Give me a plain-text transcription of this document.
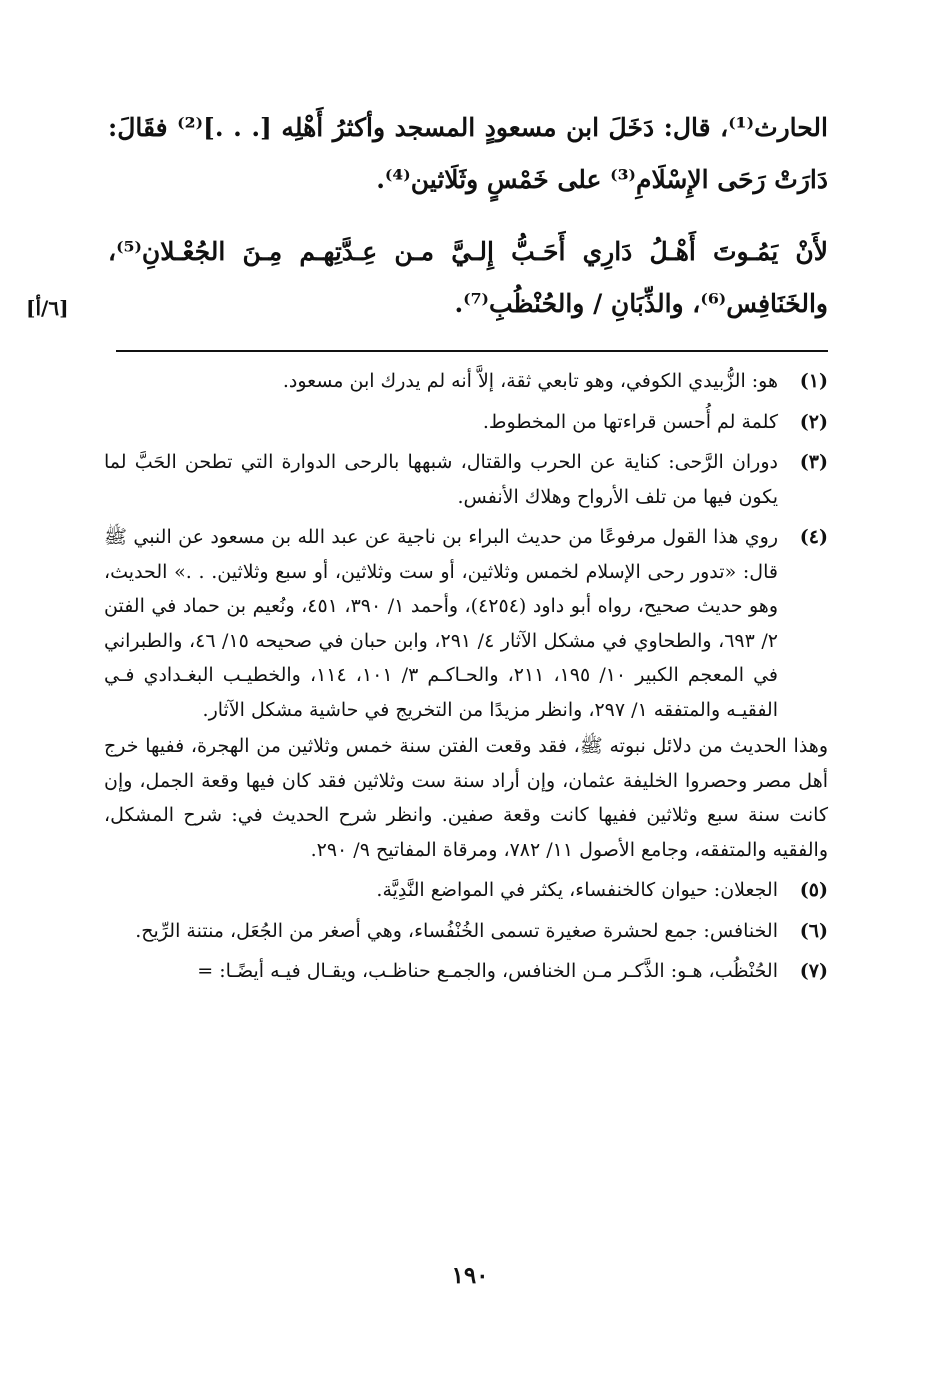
الحارث⁽¹⁾، قال: دَخَلَ ابن مسعودٍ المسجد وأكثرُ أَهْلِه [. . .]⁽²⁾ فقَالَ:
دَارَتْ رَحَى الإِسْلَامِ⁽³⁾ على خَمْسٍ وثَلَاثين⁽⁴⁾.
لأَنْ يَمُـوتَ أَهْـلُ دَارِي أَحَـبُّ إِلـيَّ مـن عِـدَّتِهـم مِـنَ الجُعْـلانِ⁽⁵⁾،
والخَنَافِس⁽⁶⁾، والذِّبَانِ / والحُنْظُبِ⁽⁷⁾.
[٦/أ]
(١)
هو: الزُّبيدي الكوفي، وهو تابعي ثقة، إلاَّ أنه لم يدرك ابن مسعود.
(٢)
كلمة لم أُحسن قراءتها من المخطوط.
(٣)
دوران الرَّحى: كناية عن الحرب والقتال، شبهها بالرحى الدوارة التي تطحن الحَبَّ لما يكون فيها من تلف الأرواح وهلاك الأنفس.
(٤)
روي هذا القول مرفوعًا من حديث البراء بن ناجية عن عبد الله بن مسعود عن النبي ﷺ قال: «تدور رحى الإسلام لخمس وثلاثين، أو ست وثلاثين، أو سبع وثلاثين. . .» الحديث، وهو حديث صحيح، رواه أبو داود (٤٢٥٤)، وأحمد ١/ ٣٩٠، ٤٥١، ونُعيم بن حماد في الفتن ٢/ ٦٩٣، والطحاوي في مشكل الآثار ٤/ ٢٩١، وابن حبان في صحيحه ١٥/ ٤٦، والطبراني في المعجم الكبير ١٠/ ١٩٥، ٢١١، والحـاكـم ٣/ ١٠١، ١١٤، والخطيـب البغـدادي فـي الفقيـه والمتفقه ١/ ٢٩٧، وانظر مزيدًا من التخريج في حاشية مشكل الآثار.
وهذا الحديث من دلائل نبوته ﷺ، فقد وقعت الفتن سنة خمس وثلاثين من الهجرة، ففيها خرج أهل مصر وحصروا الخليفة عثمان، وإن أراد سنة ست وثلاثين فقد كان فيها وقعة الجمل، وإن كانت سنة سبع وثلاثين ففيها كانت وقعة صفين. وانظر شرح الحديث في: شرح المشكل، والفقيه والمتفقه، وجامع الأصول ١١/ ٧٨٢، ومرقاة المفاتيح ٩/ ٢٩٠.
(٥)
الجعلان: حيوان كالخنفساء، يكثر في المواضع النَّدِيَّة.
(٦)
الخنافس: جمع لحشرة صغيرة تسمى الخُنْفُساء، وهي أصغر من الجُعَل، منتنة الرِّيح.
(٧)
الحُنْظُب، هـو: الذَّكـر مـن الخنافس، والجمـع حناظـب، ويقـال فيـه أيضًـا: =
١٩٠
